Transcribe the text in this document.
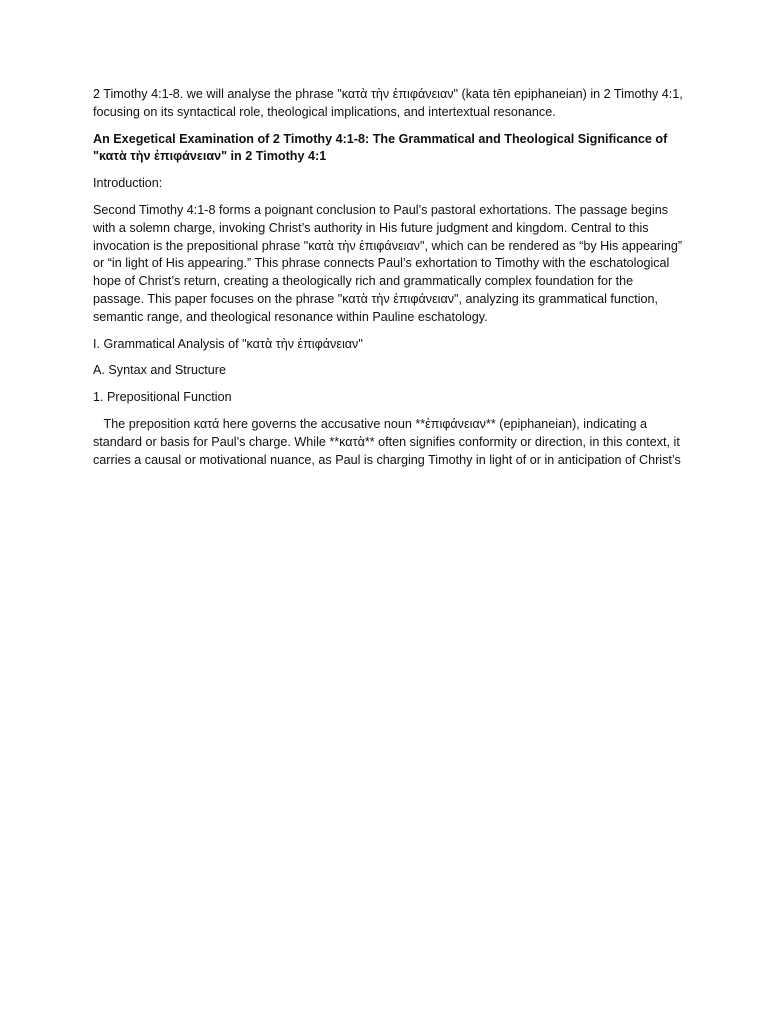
2 Timothy 4:1-8. we will analyse the phrase "κατὰ τὴν ἐπιφάνειαν" (kata tēn epiphaneian) in 2 Timothy 4:1, focusing on its syntactical role, theological implications, and intertextual resonance.

An Exegetical Examination of 2 Timothy 4:1-8: The Grammatical and Theological Significance of "κατὰ τὴν ἐπιφάνειαν" in 2 Timothy 4:1

Introduction:

Second Timothy 4:1-8 forms a poignant conclusion to Paul’s pastoral exhortations. The passage begins with a solemn charge, invoking Christ’s authority in His future judgment and kingdom. Central to this invocation is the prepositional phrase "κατὰ τὴν ἐπιφάνειαν", which can be rendered as “by His appearing” or “in light of His appearing.” This phrase connects Paul’s exhortation to Timothy with the eschatological hope of Christ’s return, creating a theologically rich and grammatically complex foundation for the passage. This paper focuses on the phrase "κατὰ τὴν ἐπιφάνειαν", analyzing its grammatical function, semantic range, and theological resonance within Pauline eschatology.

I. Grammatical Analysis of "κατὰ τὴν ἐπιφάνειαν"

A. Syntax and Structure

1. Prepositional Function

The preposition κατά here governs the accusative noun **ἐπιφάνειαν** (epiphaneian), indicating a standard or basis for Paul’s charge. While **κατὰ** often signifies conformity or direction, in this context, it carries a causal or motivational nuance, as Paul is charging Timothy in light of or in anticipation of Christ’s
